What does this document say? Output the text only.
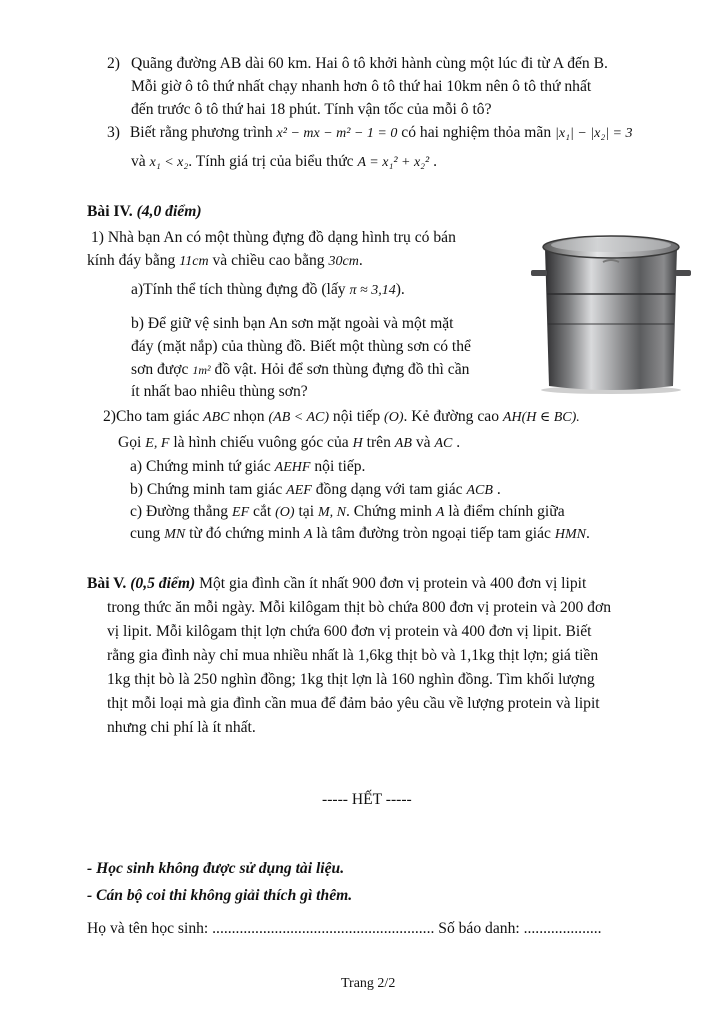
2) Quãng đường AB dài 60 km. Hai ô tô khởi hành cùng một lúc đi từ A đến B.
Mỗi giờ ô tô thứ nhất chạy nhanh hơn ô tô thứ hai 10km nên ô tô thứ nhất
đến trước ô tô thứ hai 18 phút. Tính vận tốc của mỗi ô tô?
3) Biết rằng phương trình x² − mx − m² − 1 = 0 có hai nghiệm thỏa mãn |x₁| − |x₂| = 3
và x₁ < x₂. Tính giá trị của biểu thức A = x₁² + x₂² .
Bài IV. (4,0 điểm)
1) Nhà bạn An có một thùng đựng đồ dạng hình trụ có bán
kính đáy bằng 11cm và chiều cao bằng 30cm.
a)Tính thể tích thùng đựng đồ (lấy π ≈ 3,14).
b) Để giữ vệ sinh bạn An sơn mặt ngoài và một mặt
đáy (mặt nắp) của thùng đồ. Biết một thùng sơn có thể
sơn được 1m² đồ vật. Hỏi để sơn thùng đựng đồ thì cần
ít nhất bao nhiêu thùng sơn?
2)Cho tam giác ABC nhọn (AB < AC) nội tiếp (O). Kẻ đường cao AH(H ∈ BC).
Gọi E, F là hình chiếu vuông góc của H trên AB và AC .
a) Chứng minh tứ giác AEHF nội tiếp.
b) Chứng minh tam giác AEF đồng dạng với tam giác ACB .
c) Đường thẳng EF cắt (O) tại M, N. Chứng minh A là điểm chính giữa
cung MN từ đó chứng minh A là tâm đường tròn ngoại tiếp tam giác HMN.
Bài V. (0,5 điểm) Một gia đình cần ít nhất 900 đơn vị protein và 400 đơn vị lipit
trong thức ăn mỗi ngày. Mỗi kilôgam thịt bò chứa 800 đơn vị protein và 200 đơn
vị lipit. Mỗi kilôgam thịt lợn chứa 600 đơn vị protein và 400 đơn vị lipit. Biết
rằng gia đình này chỉ mua nhiều nhất là 1,6kg thịt bò và 1,1kg thịt lợn; giá tiền
1kg thịt bò là 250 nghìn đồng; 1kg thịt lợn là 160 nghìn đồng. Tìm khối lượng
thịt mỗi loại mà gia đình cần mua để đảm bảo yêu cầu về lượng protein và lipit
nhưng chi phí là ít nhất.
----- HẾT -----
- Học sinh không được sử dụng tài liệu.
- Cán bộ coi thi không giải thích gì thêm.
Họ và tên học sinh: ......................................................... Số báo danh: ....................
Trang 2/2
